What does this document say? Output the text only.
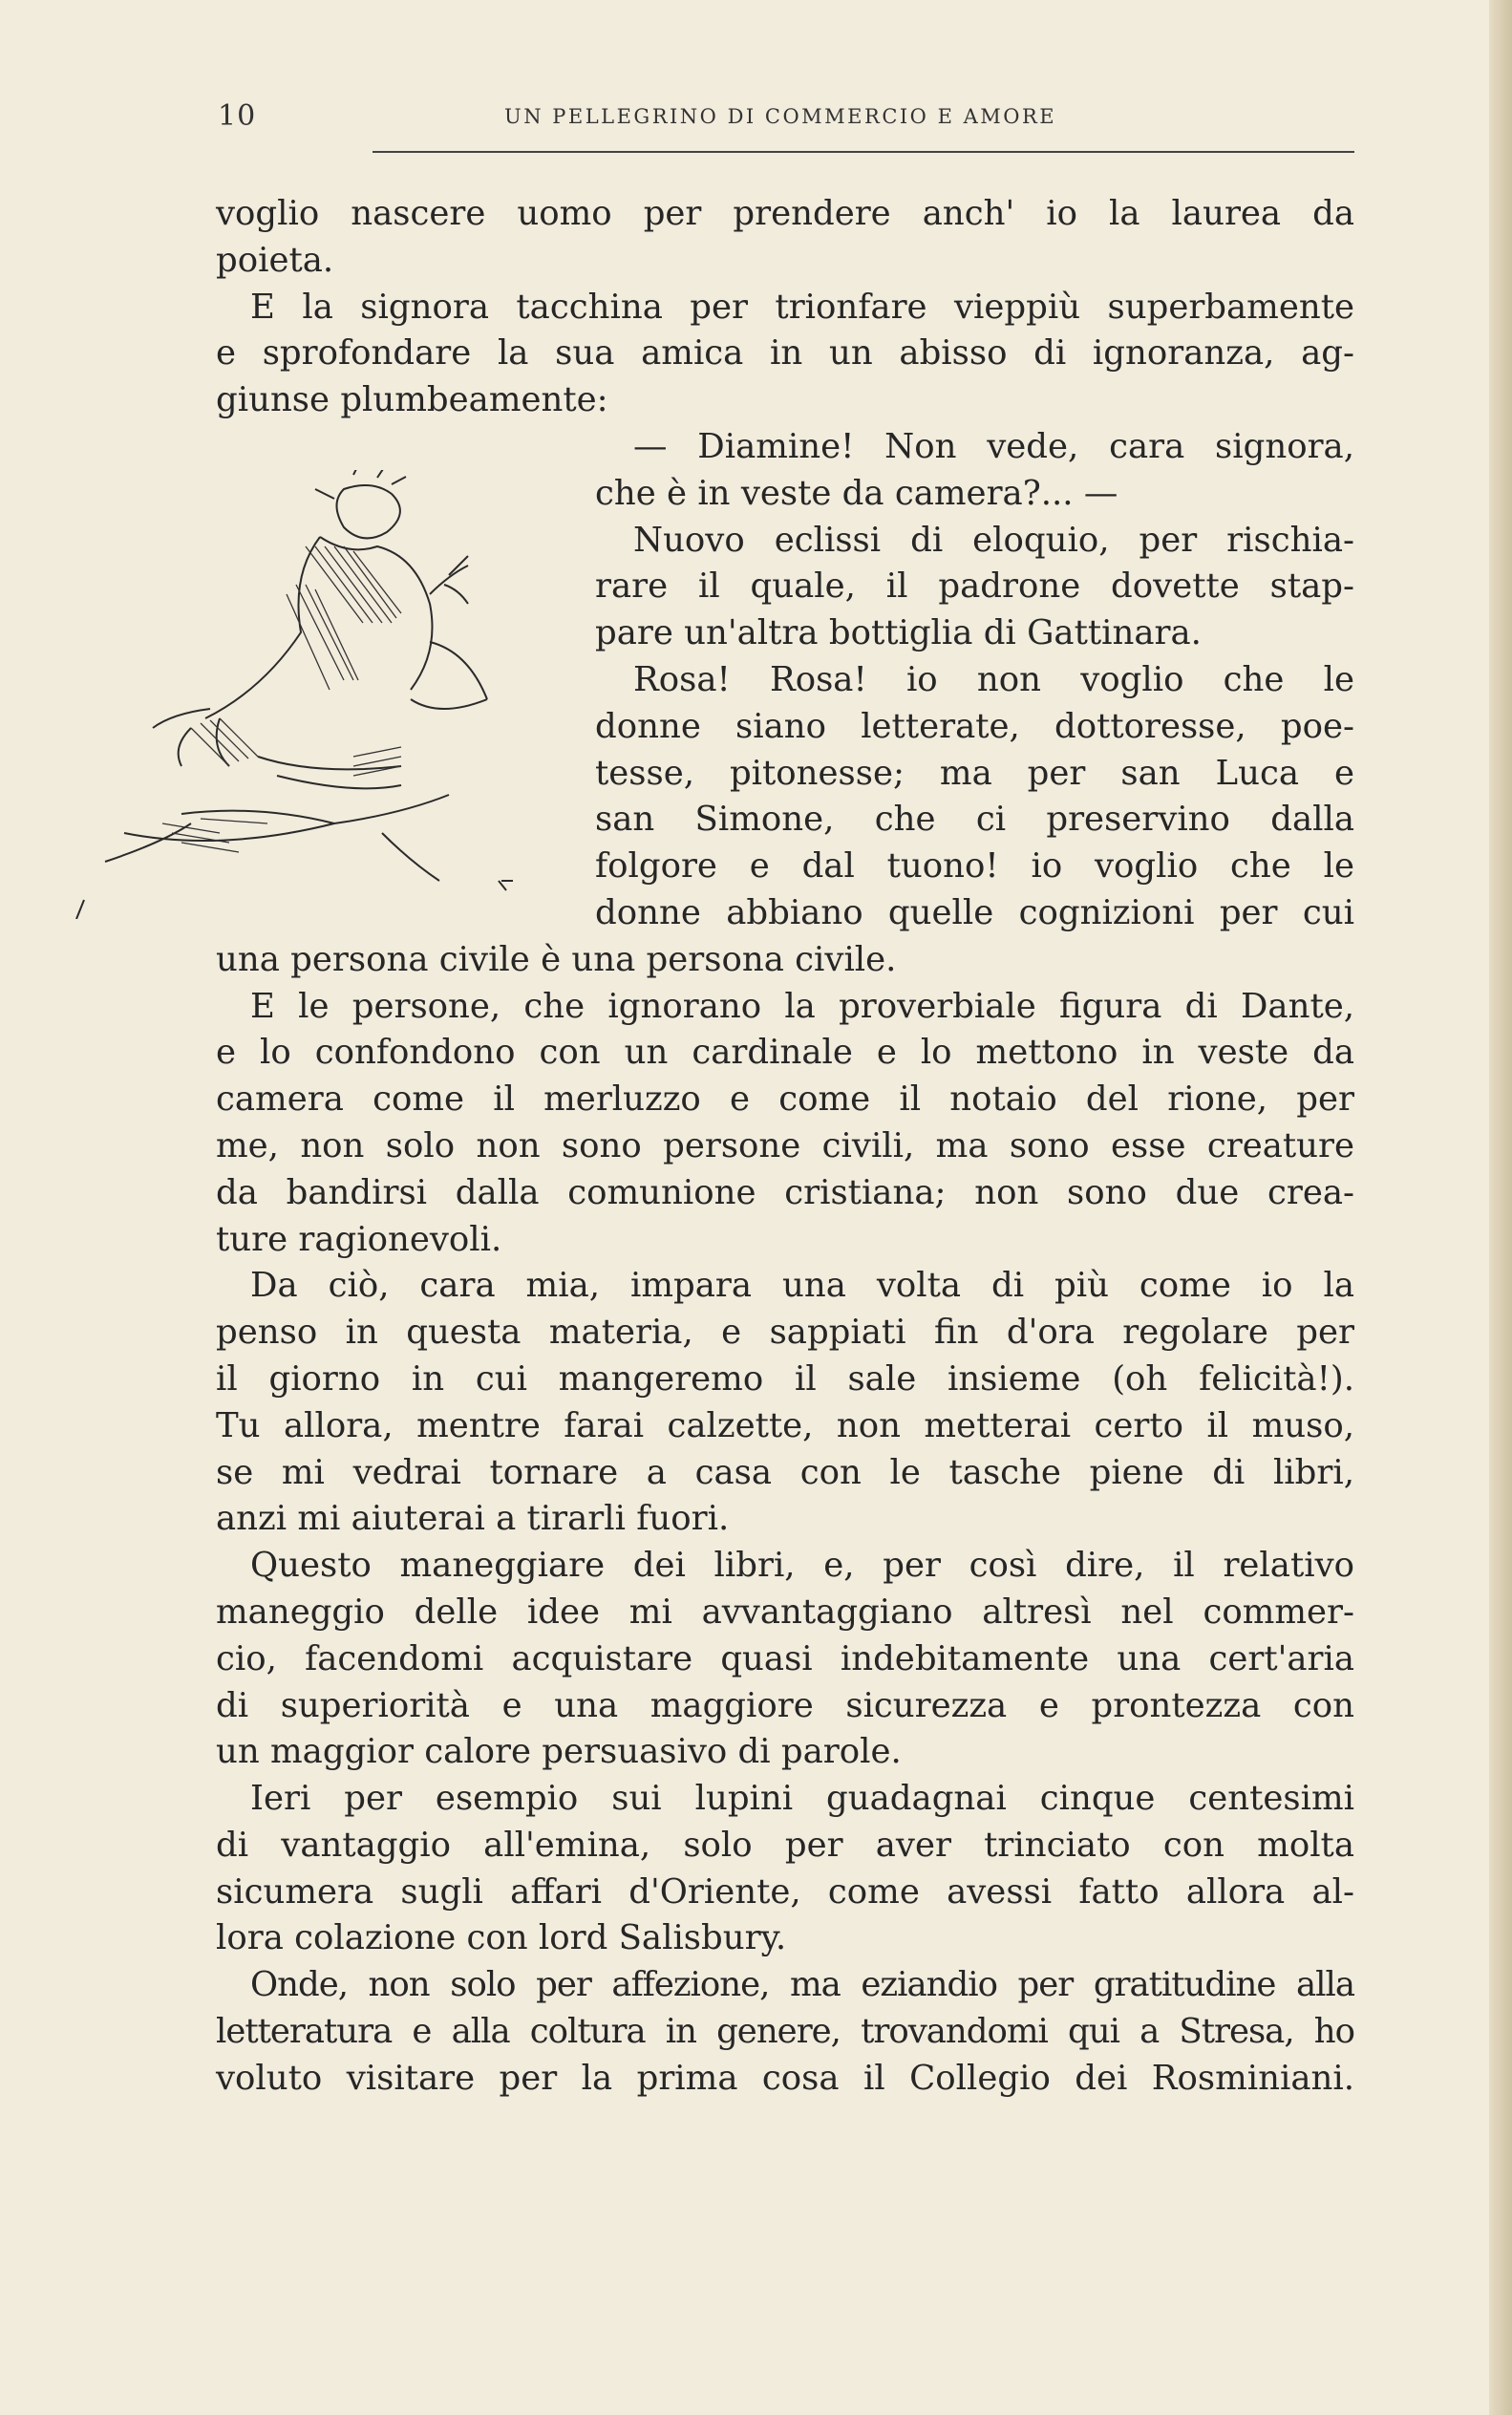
10	UN PELLEGRINO DI COMMERCIO E AMORE
voglio nascere uomo per prendere anch' io la laurea da
poieta.
E la signora tacchina per trionfare vieppiù superbamente
e sprofondare la sua amica in un abisso di ignoranza, ag-
giunse plumbeamente:
— Diamine! Non vede, cara signora,
che è in veste da camera?... —
Nuovo eclissi di eloquio, per rischia-
rare il quale, il padrone dovette stap-
pare un'altra bottiglia di Gattinara.
Rosa! Rosa! io non voglio che le
donne siano letterate, dottoresse, poe-
tesse, pitonesse; ma per san Luca e
san Simone, che ci preservino dalla
folgore e dal tuono! io voglio che le
donne abbiano quelle cognizioni per cui
una persona civile è una persona civile.
E le persone, che ignorano la proverbiale figura di Dante,
e lo confondono con un cardinale e lo mettono in veste da
camera come il merluzzo e come il notaio del rione, per
me, non solo non sono persone civili, ma sono esse creature
da bandirsi dalla comunione cristiana; non sono due crea-
ture ragionevoli.
Da ciò, cara mia, impara una volta di più come io la
penso in questa materia, e sappiati fin d'ora regolare per
il giorno in cui mangeremo il sale insieme (oh felicità!).
Tu allora, mentre farai calzette, non metterai certo il muso,
se mi vedrai tornare a casa con le tasche piene di libri,
anzi mi aiuterai a tirarli fuori.
Questo maneggiare dei libri, e, per così dire, il relativo
maneggio delle idee mi avvantaggiano altresì nel commer-
cio, facendomi acquistare quasi indebitamente una cert'aria
di superiorità e una maggiore sicurezza e prontezza con
un maggior calore persuasivo di parole.
Ieri per esempio sui lupini guadagnai cinque centesimi
di vantaggio all'emina, solo per aver trinciato con molta
sicumera sugli affari d'Oriente, come avessi fatto allora al-
lora colazione con lord Salisbury.
Onde, non solo per affezione, ma eziandio per gratitudine alla
letteratura e alla coltura in genere, trovandomi qui a Stresa, ho
voluto visitare per la prima cosa il Collegio dei Rosminiani.
